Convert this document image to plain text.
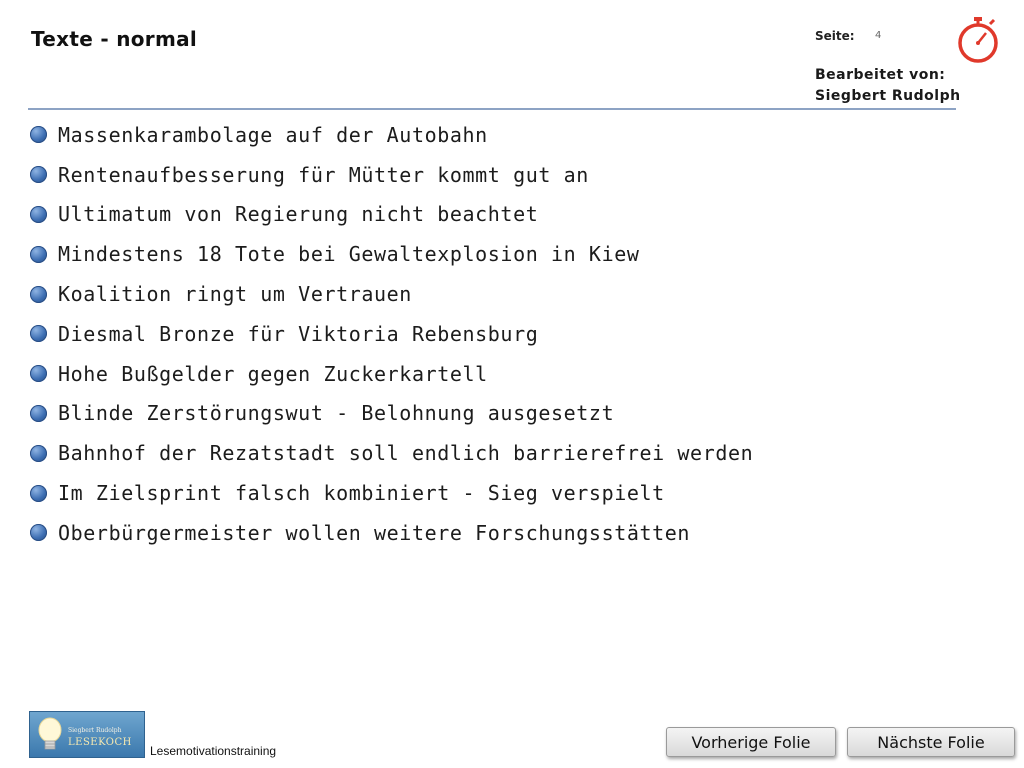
Texte - normal	Seite: 4
Bearbeitet von:
Siegbert Rudolph
Massenkarambolage auf der Autobahn
Rentenaufbesserung für Mütter kommt gut an
Ultimatum von Regierung nicht beachtet
Mindestens 18 Tote bei Gewaltexplosion in Kiew
Koalition ringt um Vertrauen
Diesmal Bronze für Viktoria Rebensburg
Hohe Bußgelder gegen Zuckerkartell
Blinde Zerstörungswut - Belohnung ausgesetzt
Bahnhof der Rezatstadt soll endlich barrierefrei werden
Im Zielsprint falsch kombiniert - Sieg verspielt
Oberbürgermeister wollen weitere Forschungsstätten
Siegbert Rudolph
LESEKOCH
Lesemotivationstraining	Vorherige Folie	Nächste Folie
